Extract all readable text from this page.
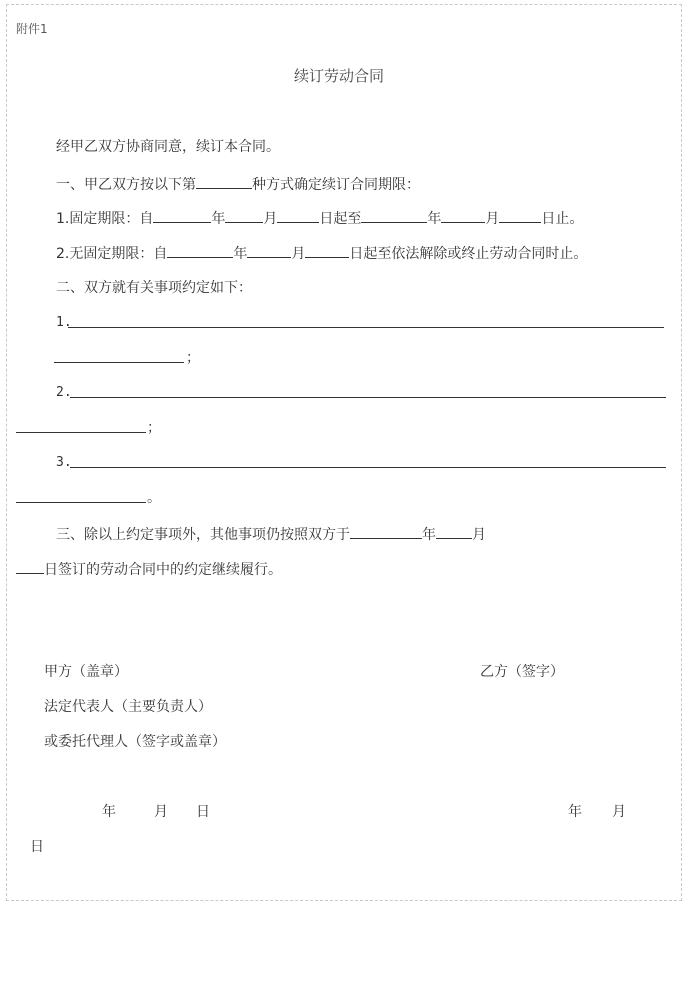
附件1
续订劳动合同
经甲乙双方协商同意，续订本合同。
一、甲乙双方按以下第	种方式确定续订合同期限：
1.固定期限：自	年	月	日起至	年	月	日止。
2.无固定期限：自	年	月	日起至依法解除或终止劳动合同时止。
二、双方就有关事项约定如下：
1.
；
2.
；
3.
。
三、除以上约定事项外，其他事项仍按照双方于	年	月
日签订的劳动合同中的约定继续履行。
甲方（盖章）	乙方（签字）
法定代表人（主要负责人）
或委托代理人（签字或盖章）
年	月 日	年 月
日
